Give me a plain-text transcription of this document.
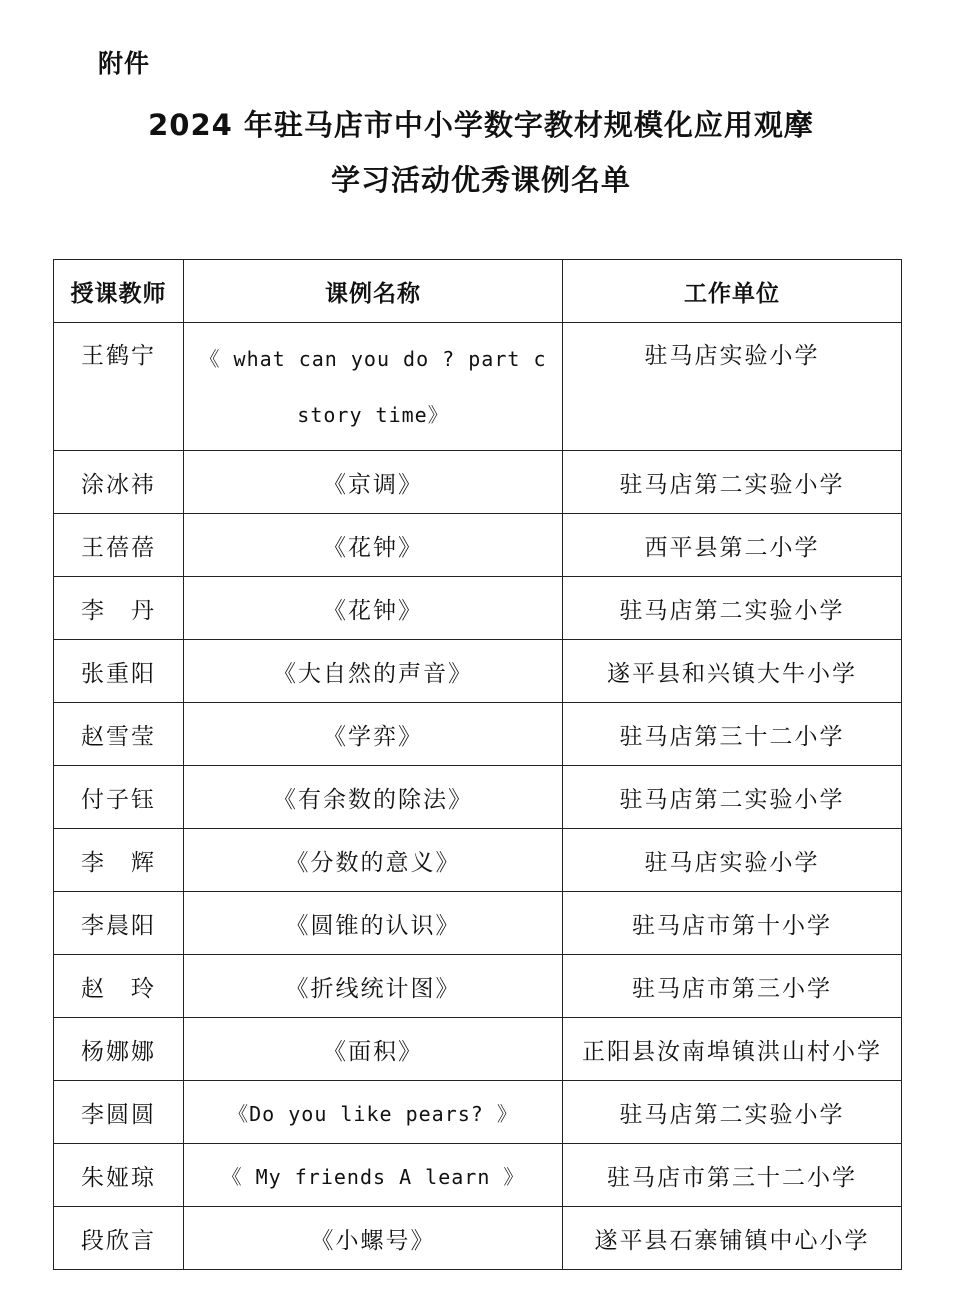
附件
2024 年驻马店市中小学数字教材规模化应用观摩
学习活动优秀课例名单
授课教师	课例名称	工作单位
王鹤宁	《 what can you do ? part c story time》	驻马店实验小学
涂冰祎	《京调》	驻马店第二实验小学
王蓓蓓	《花钟》	西平县第二小学
李　丹	《花钟》	驻马店第二实验小学
张重阳	《大自然的声音》	遂平县和兴镇大牛小学
赵雪莹	《学弈》	驻马店第三十二小学
付子钰	《有余数的除法》	驻马店第二实验小学
李　辉	《分数的意义》	驻马店实验小学
李晨阳	《圆锥的认识》	驻马店市第十小学
赵　玲	《折线统计图》	驻马店市第三小学
杨娜娜	《面积》	正阳县汝南埠镇洪山村小学
李圆圆	《Do you like pears? 》	驻马店第二实验小学
朱娅琼	《 My friends A learn 》	驻马店市第三十二小学
段欣言	《小螺号》	遂平县石寨铺镇中心小学
